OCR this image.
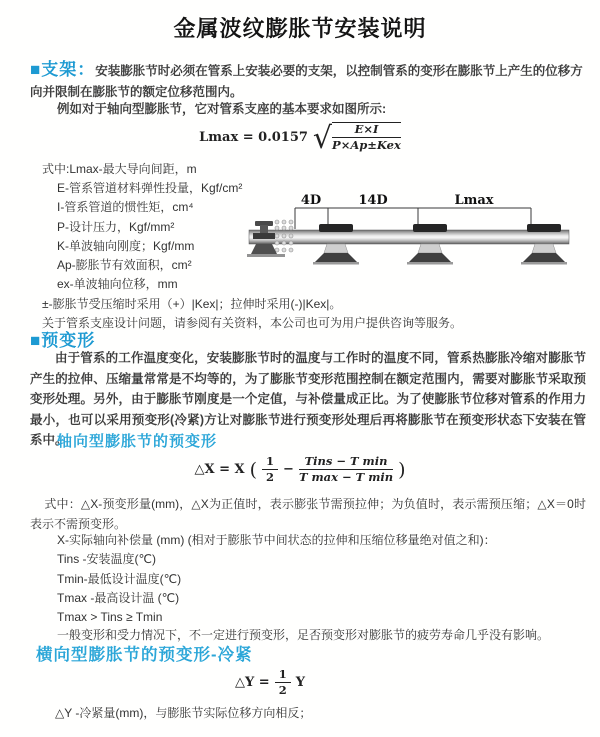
金属波纹膨胀节安装说明
■支架：安装膨胀节时必须在管系上安装必要的支架，以控制管系的变形在膨胀节上产生的位移方向并限制在膨胀节的额定位移范围内。
例如对于轴向型膨胀节，它对管系支座的基本要求如图所示:
Lmax = 0.0157 √ $\frac{E\times I}{\text{P×Ap±Kex}}$
式中:Lmax-最大导向间距，m
E-管系管道材料弹性投量，Kgf/cm²
I-管系管道的惯性矩，cm⁴
P-设计压力，Kgf/mm²
K-单波轴向刚度；Kgf/mm
Ap-膨胀节有效面积，cm²
ex-单波轴向位移，mm
±-膨胀节受压缩时采用（+）|Kex|；拉伸时采用(-)|Kex|。
关于管系支座设计问题，请参阅有关资料，本公司也可为用户提供咨询等服务。
4D	14D	Lmax
■预变形
由于管系的工作温度变化，安装膨胀节时的温度与工作时的温度不同，管系热膨胀冷缩对膨胀节产生的拉伸、压缩量常常是不均等的，为了膨胀节变形范围控制在额定范围内，需要对膨胀节采取预变形处理。另外，由于膨胀节刚度是一个定值，与补偿量成正比。为了使膨胀节位移对管系的作用力最小，也可以采用预变形(冷紧)方让对膨胀节进行预变形处理后再将膨胀节在预变形状态下安装在管系中。
轴向型膨胀节的预变形
△X = X ( $\frac{1}{2} - \frac{\text{Tins − T min}}{\text{T max − T min}}$ )
式中：△X-预变形量(mm)，△X为正值时，表示膨张节需预拉伸；为负值时，表示需预压缩；△X＝0时表示不需预变形。
X-实际轴向补偿量 (mm) (相对于膨胀节中间状态的拉伸和压缩位移量绝对值之和)：
Tins -安装温度(℃)
Tmin-最低设计温度(℃)
Tmax -最高设计温 (℃)
Tmax > Tins ≥ Tmin
一般变形和受力情况下，不一定进行预变形，足否预变形对膨胀节的疲劳寿命几乎没有影响。
横向型膨胀节的预变形-冷紧
△Y = $\frac{1}{2}$ Y
△Y -冷紧量(mm)，与膨胀节实际位移方向相反；
